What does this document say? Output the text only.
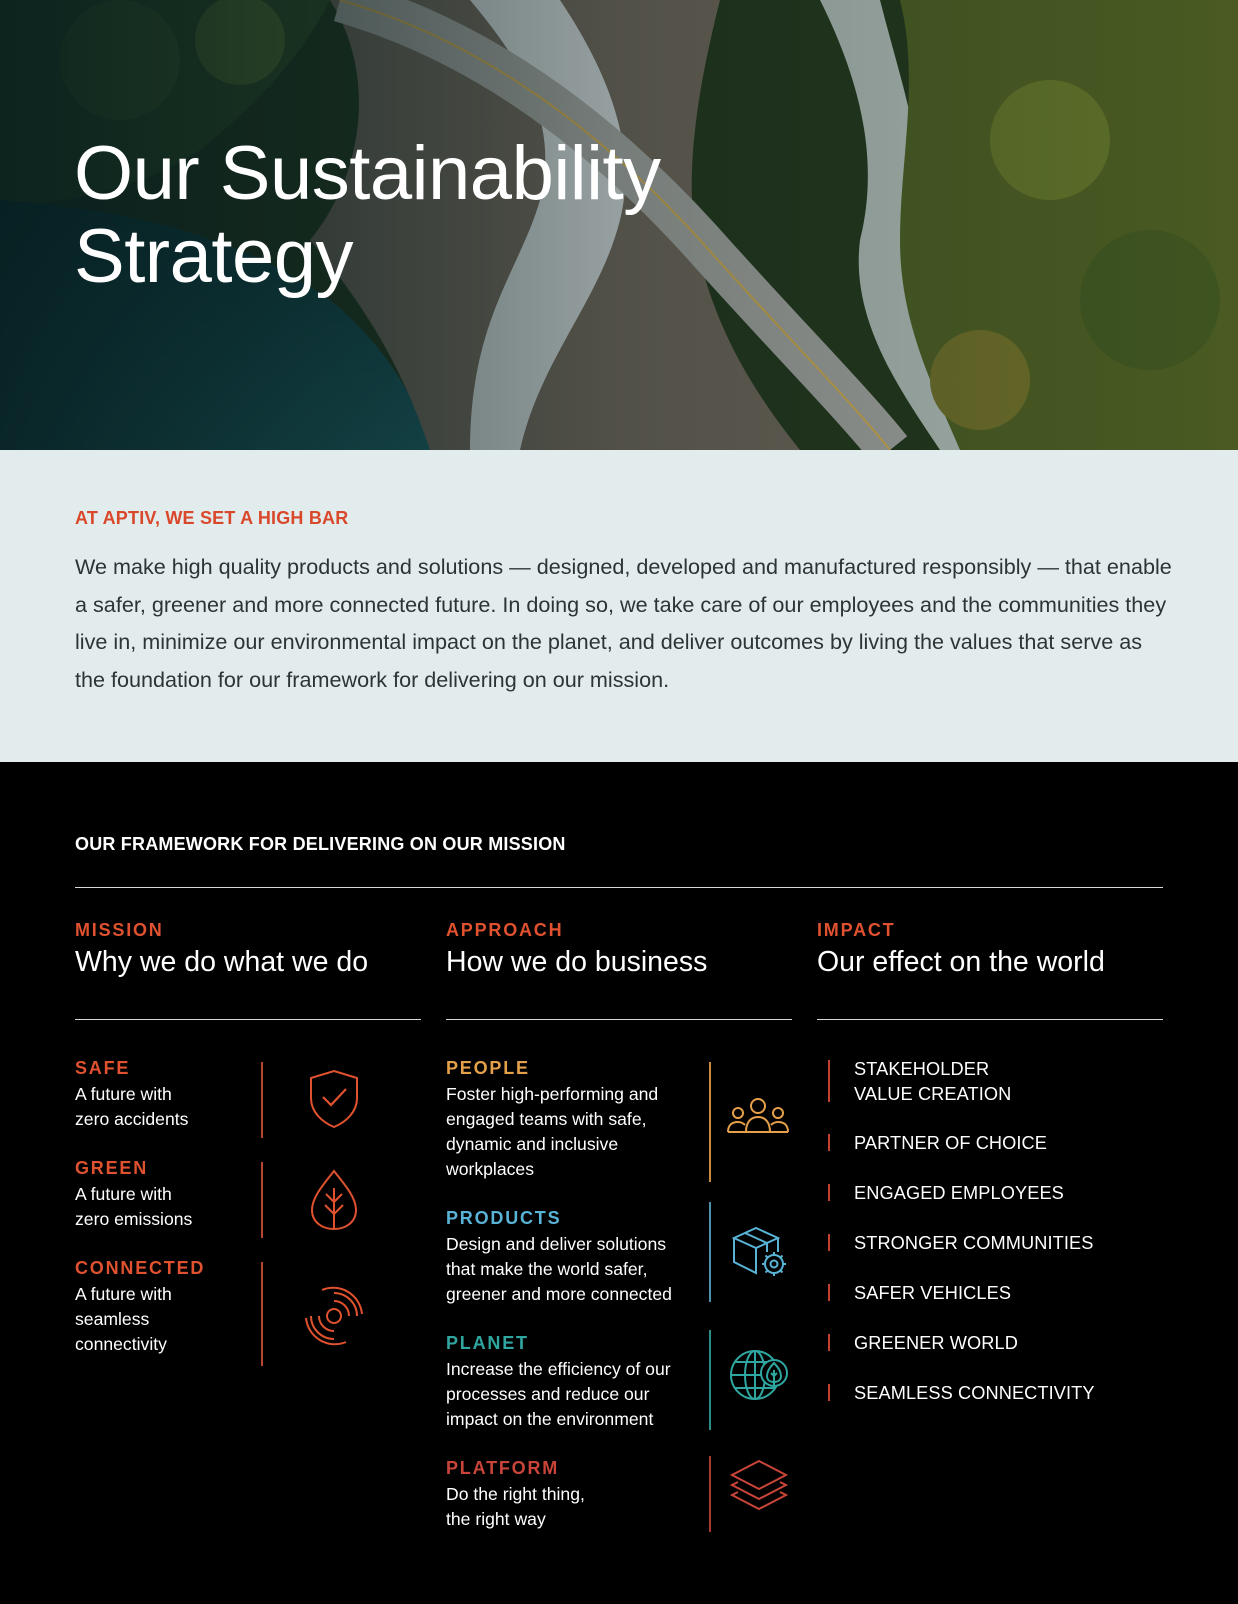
Our Sustainability
Strategy

AT APTIV, WE SET A HIGH BAR

We make high quality products and solutions — designed, developed and manufactured responsibly — that enable a safer, greener and more connected future. In doing so, we take care of our employees and the communities they live in, minimize our environmental impact on the planet, and deliver outcomes by living the values that serve as the foundation for our framework for delivering on our mission.

OUR FRAMEWORK FOR DELIVERING ON OUR MISSION

MISSION

Why we do what we do

APPROACH

How we do business

IMPACT

Our effect on the world

SAFE

A future with
zero accidents

GREEN

A future with
zero emissions

CONNECTED

A future with
seamless
connectivity

PEOPLE

Foster high-performing and
engaged teams with safe,
dynamic and inclusive
workplaces

PRODUCTS

Design and deliver solutions
that make the world safer,
greener and more connected

PLANET

Increase the efficiency of our
processes and reduce our
impact on the environment

PLATFORM

Do the right thing,
the right way

STAKEHOLDER
VALUE CREATION

PARTNER OF CHOICE

ENGAGED EMPLOYEES

STRONGER COMMUNITIES

SAFER VEHICLES

GREENER WORLD

SEAMLESS CONNECTIVITY
